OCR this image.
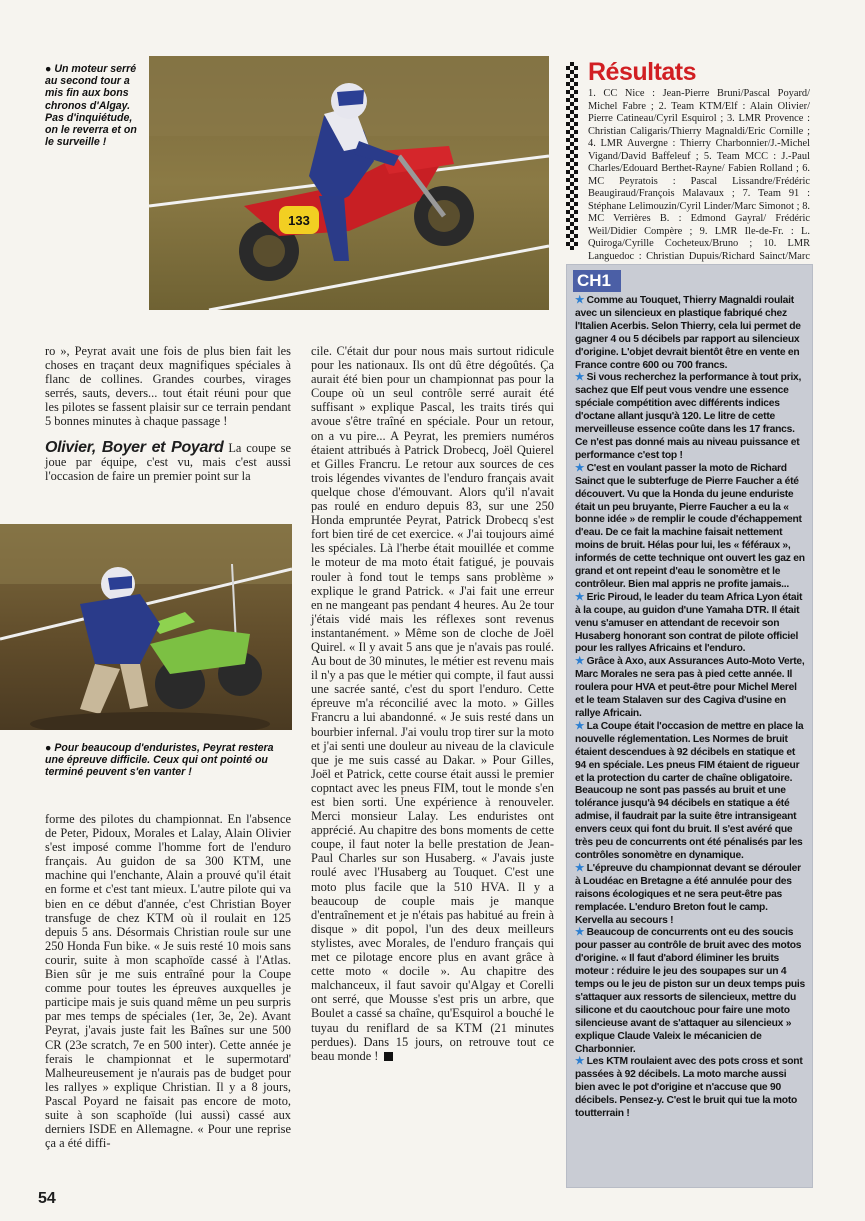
● Un moteur serré au second tour a mis fin aux bons chronos d'Algay. Pas d'inquiétude, on le reverra et on le surveille !
133
Résultats
1. CC Nice : Jean-Pierre Bruni/Pascal Poyard/ Michel Fabre ; 2. Team KTM/Elf : Alain Olivier/ Pierre Catineau/Cyril Esquirol ; 3. LMR Provence : Christian Caligaris/Thierry Magnaldi/Eric Cornille ; 4. LMR Auvergne : Thierry Charbonnier/J.-Michel Vigand/David Baffeleuf ; 5. Team MCC : J.-Paul Charles/Edouard Berthet-Rayne/ Fabien Rolland ; 6. MC Peyratois : Pascal Lissandre/Frédéric Beaugiraud/François Malavaux ; 7. Team 91 : Stéphane Lelimouzin/Cyril Linder/Marc Simonot ; 8. MC Verrières B. : Edmond Gayral/ Frédéric Weil/Didier Compère ; 9. LMR Ile-de-Fr. : L. Quiroga/Cyrille Cocheteux/Bruno ; 10. LMR Languedoc : Christian Dupuis/Richard Sainct/Marc

ro », Peyrat avait une fois de plus bien fait les choses en traçant deux magnifiques spéciales à flanc de collines. Grandes courbes, virages serrés, sauts, devers... tout était réuni pour que les pilotes se fassent plaisir sur ce terrain pendant 5 bonnes minutes à chaque passage !

Olivier, Boyer et Poyard La coupe se joue par équipe, c'est vu, mais c'est aussi l'occasion de faire un premier point sur la

● Pour beaucoup d'enduristes, Peyrat restera une épreuve difficile. Ceux qui ont pointé ou terminé peuvent s'en vanter !

forme des pilotes du championnat. En l'absence de Peter, Pidoux, Morales et Lalay, Alain Olivier s'est imposé comme l'homme fort de l'enduro français. Au guidon de sa 300 KTM, une machine qui l'enchante, Alain a prouvé qu'il était en forme et c'est tant mieux. L'autre pilote qui va bien en ce début d'année, c'est Christian Boyer transfuge de chez KTM où il roulait en 125 depuis 5 ans. Désormais Christian roule sur une 250 Honda Fun bike. « Je suis resté 10 mois sans courir, suite à mon scaphoïde cassé à l'Atlas. Bien sûr je me suis entraîné pour la Coupe comme pour toutes les épreuves auxquelles je participe mais je suis quand même un peu surpris par mes temps de spéciales (1er, 3e, 2e). Avant Peyrat, j'avais juste fait les Baînes sur une 500 CR (23e scratch, 7e en 500 inter). Cette année je ferais le championnat et le supermotard' Malheureusement je n'aurais pas de budget pour les rallyes » explique Christian. Il y a 8 jours, Pascal Poyard ne faisait pas encore de moto, suite à son scaphoïde (lui aussi) cassé aux derniers ISDE en Allemagne. « Pour une reprise ça a été diffi-

cile. C'était dur pour nous mais surtout ridicule pour les nationaux. Ils ont dû être dégoûtés. Ça aurait été bien pour un championnat pas pour la Coupe où un seul contrôle serré aurait été suffisant » explique Pascal, les traits tirés qui avoue s'être traîné en spéciale. Pour un retour, on a vu pire... A Peyrat, les premiers numéros étaient attribués à Patrick Drobecq, Joël Quierel et Gilles Francru. Le retour aux sources de ces trois légendes vivantes de l'enduro français avait quelque chose d'émouvant. Alors qu'il n'avait pas roulé en enduro depuis 83, sur une 250 Honda empruntée Peyrat, Patrick Drobecq s'est fort bien tiré de cet exercice. « J'ai toujours aimé les spéciales. Là l'herbe était mouillée et comme le moteur de ma moto était fatigué, je pouvais rouler à fond tout le temps sans problème » explique le grand Patrick. « J'ai fait une erreur en ne mangeant pas pendant 4 heures. Au 2e tour j'étais vidé mais les réflexes sont revenus instantanément. » Même son de cloche de Joël Quirel. « Il y avait 5 ans que je n'avais pas roulé. Au bout de 30 minutes, le métier est revenu mais il n'y a pas que le métier qui compte, il faut aussi une sacrée santé, c'est du sport l'enduro. Cette épreuve m'a réconcilié avec la moto. » Gilles Francru a lui abandonné. « Je suis resté dans un bourbier infernal. J'ai voulu trop tirer sur la moto et j'ai senti une douleur au niveau de la clavicule que je me suis cassé au Dakar. » Pour Gilles, Joël et Patrick, cette course était aussi le premier copntact avec les pneus FIM, tout le monde s'en est bien sorti. Une expérience à renouveler. Merci monsieur Lalay. Les enduristes ont apprécié. Au chapitre des bons moments de cette coupe, il faut noter la belle prestation de Jean-Paul Charles sur son Husaberg. « J'avais juste roulé avec l'Husaberg au Touquet. C'est une moto plus facile que la 510 HVA. Il y a beaucoup de couple mais je manque d'entraînement et je n'étais pas habitué au frein à disque » dit popol, l'un des deux meilleurs stylistes, avec Morales, de l'enduro français qui met ce pilotage encore plus en avant grâce à cette moto « docile ». Au chapitre des malchanceux, il faut savoir qu'Algay et Corelli ont serré, que Mousse s'est pris un arbre, que Boulet a cassé sa chaîne, qu'Esquirol a bouché le tuyau du reniflard de sa KTM (21 minutes perdues). Dans 15 jours, on retrouve tout ce beau monde !

CH1

★ Comme au Touquet, Thierry Magnaldi roulait avec un silencieux en plastique fabriqué chez l'Italien Acerbis. Selon Thierry, cela lui permet de gagner 4 ou 5 décibels par rapport au silencieux d'origine. L'objet devrait bientôt être en vente en France contre 600 ou 700 francs.

★ Si vous recherchez la performance à tout prix, sachez que Elf peut vous vendre une essence spéciale compétition avec différents indices d'octane allant jusqu'à 120. Le litre de cette merveilleuse essence coûte dans les 17 francs. Ce n'est pas donné mais au niveau puissance et performance c'est top !

★ C'est en voulant passer la moto de Richard Sainct que le subterfuge de Pierre Faucher a été découvert. Vu que la Honda du jeune enduriste était un peu bruyante, Pierre Faucher a eu la « bonne idée » de remplir le coude d'échappement d'eau. De ce fait la machine faisait nettement moins de bruit. Hélas pour lui, les « féféraux », informés de cette technique ont ouvert les gaz en grand et ont repeint d'eau le sonomètre et le contrôleur. Bien mal appris ne profite jamais...

★ Eric Piroud, le leader du team Africa Lyon était à la coupe, au guidon d'une Yamaha DTR. Il était venu s'amuser en attendant de recevoir son Husaberg honorant son contrat de pilote officiel pour les rallyes Africains et l'enduro.

★ Grâce à Axo, aux Assurances Auto-Moto Verte, Marc Morales ne sera pas à pied cette année. Il roulera pour HVA et peut-être pour Michel Merel et le team Stalaven sur des Cagiva d'usine en rallye Africain.

★ La Coupe était l'occasion de mettre en place la nouvelle réglementation. Les Normes de bruit étaient descendues à 92 décibels en statique et 94 en spéciale. Les pneus FIM étaient de rigueur et la protection du carter de chaîne obligatoire.

Beaucoup ne sont pas passés au bruit et une tolérance jusqu'à 94 décibels en statique a été admise, il faudrait par la suite être intransigeant envers ceux qui font du bruit. Il s'est avéré que très peu de concurrents ont été pénalisés par les contrôles sonomètre en dynamique.

★ L'épreuve du championnat devant se dérouler à Loudéac en Bretagne a été annulée pour des raisons écologiques et ne sera peut-être pas remplacée. L'enduro Breton fout le camp. Kervella au secours !

★ Beaucoup de concurrents ont eu des soucis pour passer au contrôle de bruit avec des motos d'origine. « Il faut d'abord éliminer les bruits moteur : réduire le jeu des soupapes sur un 4 temps ou le jeu de piston sur un deux temps puis s'attaquer aux ressorts de silencieux, mettre du silicone et du caoutchouc pour faire une moto silencieuse avant de s'attaquer au silencieux » explique Claude Valeix le mécanicien de Charbonnier.

★ Les KTM roulaient avec des pots cross et sont passées à 92 décibels. La moto marche aussi bien avec le pot d'origine et n'accuse que 90 décibels. Pensez-y. C'est le bruit qui tue la moto toutterrain !

54
